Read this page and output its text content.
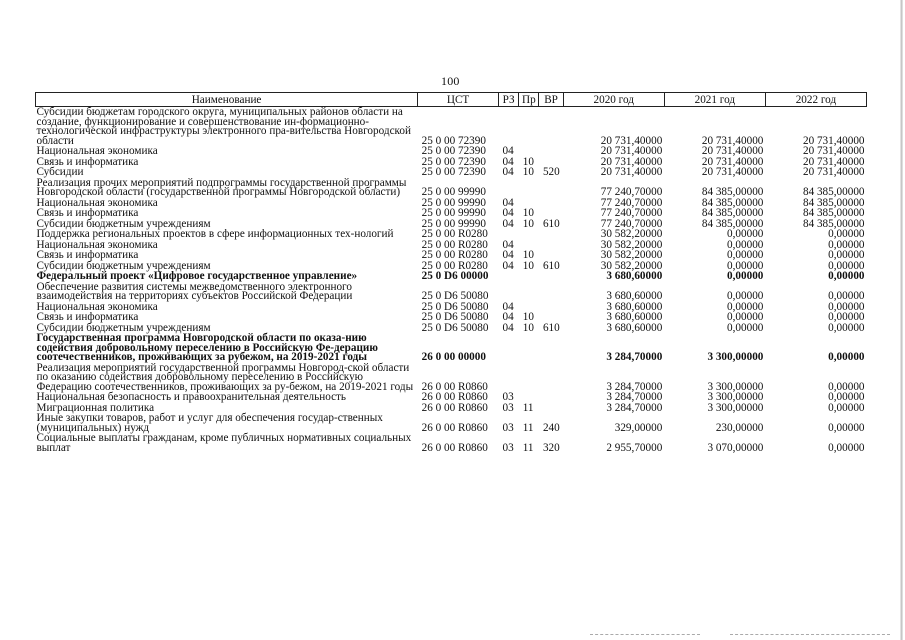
100
Наименование	ЦСТ	РЗ	Пр	ВР	2020 год	2021 год	2022 год
Субсидии бюджетам городского округа, муниципальных районов области на создание, функционирование и совершенствование ин-формационно-технологической инфраструктуры электронного пра-вительства Новгородской области	25 0 00 72390				20 731,40000	20 731,40000	20 731,40000
Национальная экономика	25 0 00 72390	04			20 731,40000	20 731,40000	20 731,40000
Связь и информатика	25 0 00 72390	04	10		20 731,40000	20 731,40000	20 731,40000
Субсидии	25 0 00 72390	04	10	520	20 731,40000	20 731,40000	20 731,40000
Реализация прочих мероприятий подпрограммы государственной программы Новгородской области (государственной программы Новгородской области)	25 0 00 99990				77 240,70000	84 385,00000	84 385,00000
Национальная экономика	25 0 00 99990	04			77 240,70000	84 385,00000	84 385,00000
Связь и информатика	25 0 00 99990	04	10		77 240,70000	84 385,00000	84 385,00000
Субсидии бюджетным учреждениям	25 0 00 99990	04	10	610	77 240,70000	84 385,00000	84 385,00000
Поддержка региональных проектов в сфере информационных тех-нологий	25 0 00 R0280				30 582,20000	0,00000	0,00000
Национальная экономика	25 0 00 R0280	04			30 582,20000	0,00000	0,00000
Связь и информатика	25 0 00 R0280	04	10		30 582,20000	0,00000	0,00000
Субсидии бюджетным учреждениям	25 0 00 R0280	04	10	610	30 582,20000	0,00000	0,00000
Федеральный проект «Цифровое государственное управление»	25 0 D6 00000				3 680,60000	0,00000	0,00000
Обеспечение развития системы межведомственного электронного взаимодействия на территориях субъектов Российской Федерации	25 0 D6 50080				3 680,60000	0,00000	0,00000
Национальная экономика	25 0 D6 50080	04			3 680,60000	0,00000	0,00000
Связь и информатика	25 0 D6 50080	04	10		3 680,60000	0,00000	0,00000
Субсидии бюджетным учреждениям	25 0 D6 50080	04	10	610	3 680,60000	0,00000	0,00000
Государственная программа Новгородской области по оказа-нию содействия добровольному переселению в Российскую Фе-дерацию соотечественников, проживающих за рубежом, на 2019-2021 годы	26 0 00 00000				3 284,70000	3 300,00000	0,00000
Реализация мероприятий государственной программы Новгород-ской области по оказанию содействия добровольному переселению в Российскую Федерацию соотечественников, проживающих за ру-бежом, на 2019-2021 годы	26 0 00 R0860				3 284,70000	3 300,00000	0,00000
Национальная безопасность и правоохранительная деятельность	26 0 00 R0860	03			3 284,70000	3 300,00000	0,00000
Миграционная политика	26 0 00 R0860	03	11		3 284,70000	3 300,00000	0,00000
Иные закупки товаров, работ и услуг для обеспечения государ-ственных (муниципальных) нужд	26 0 00 R0860	03	11	240	329,00000	230,00000	0,00000
Социальные выплаты гражданам, кроме публичных нормативных социальных выплат	26 0 00 R0860	03	11	320	2 955,70000	3 070,00000	0,00000
